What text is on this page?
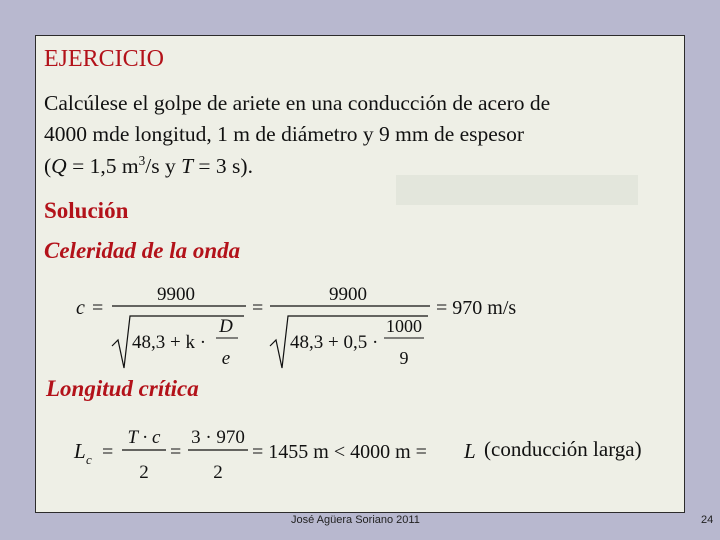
EJERCICIO
Calcúlese el golpe de ariete en una conducción de acero de
4000 mde longitud, 1 m de diámetro y 9 mm de espesor
(Q = 1,5 $m^3/s$ y T = 3 s).
Solución
Celeridad de la onda
c =
9900
48,3 + k ·
D
e
=
9900
48,3 + 0,5 ·
1000
9
= 970 m/s
Longitud crítica
L c =
T · c
2
=
3 · 970
2
= 1455 m < 4000 m = L (conducción larga)
José Agüera Soriano 2011	24
